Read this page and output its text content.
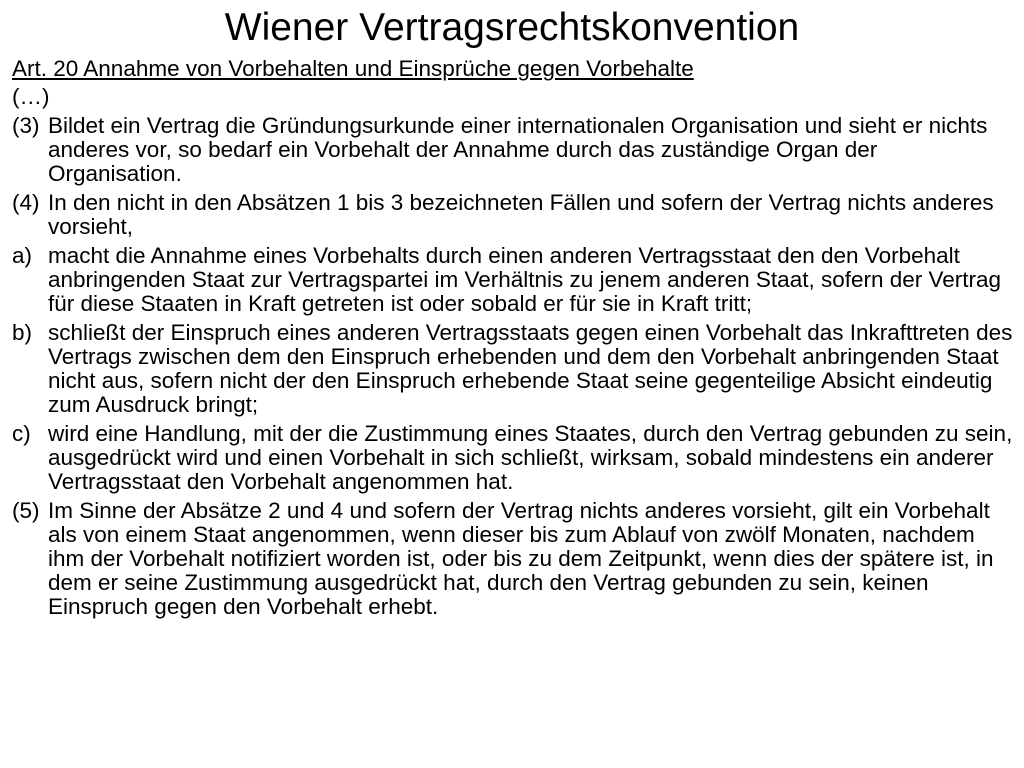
Wiener Vertragsrechtskonvention
Art. 20 Annahme von Vorbehalten und Einsprüche gegen Vorbehalte
(…)
(3) Bildet ein Vertrag die Gründungsurkunde einer internationalen Organisation und sieht er nichts anderes vor, so bedarf ein Vorbehalt der Annahme durch das zuständige Organ der Organisation.
(4) In den nicht in den Absätzen 1 bis 3 bezeichneten Fällen und sofern der Vertrag nichts anderes vorsieht,
a) macht die Annahme eines Vorbehalts durch einen anderen Vertragsstaat den den Vorbehalt anbringenden Staat zur Vertragspartei im Verhältnis zu jenem anderen Staat, sofern der Vertrag für diese Staaten in Kraft getreten ist oder sobald er für sie in Kraft tritt;
b) schließt der Einspruch eines anderen Vertragsstaats gegen einen Vorbehalt das Inkrafttreten des Vertrags zwischen dem den Einspruch erhebenden und dem den Vorbehalt anbringenden Staat nicht aus, sofern nicht der den Einspruch erhebende Staat seine gegenteilige Absicht eindeutig zum Ausdruck bringt;
c) wird eine Handlung, mit der die Zustimmung eines Staates, durch den Vertrag gebunden zu sein, ausgedrückt wird und einen Vorbehalt in sich schließt, wirksam, sobald mindestens ein anderer Vertragsstaat den Vorbehalt angenommen hat.
(5) Im Sinne der Absätze 2 und 4 und sofern der Vertrag nichts anderes vorsieht, gilt ein Vorbehalt als von einem Staat angenommen, wenn dieser bis zum Ablauf von zwölf Monaten, nachdem ihm der Vorbehalt notifiziert worden ist, oder bis zu dem Zeitpunkt, wenn dies der spätere ist, in dem er seine Zustimmung ausgedrückt hat, durch den Vertrag gebunden zu sein, keinen Einspruch gegen den Vorbehalt erhebt.
